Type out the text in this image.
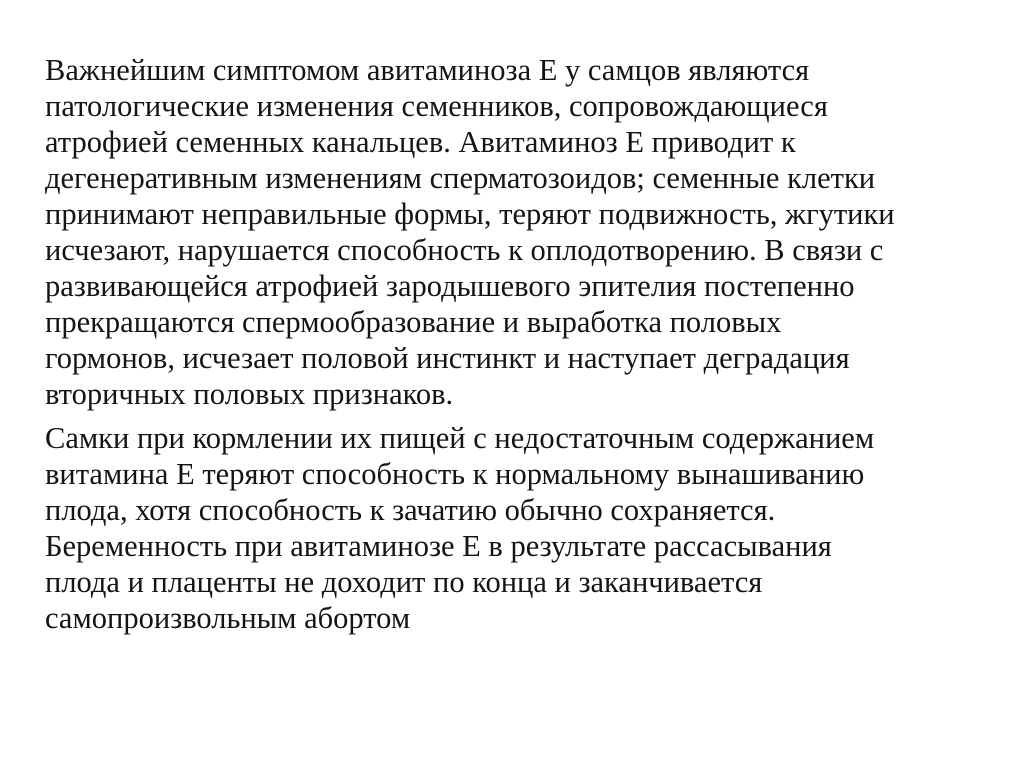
Важнейшим симптомом авитаминоза Е у самцов являются
патологические изменения семенников, сопровождающиеся
атрофией семенных канальцев. Авитаминоз Е приводит к
дегенеративным изменениям сперматозоидов; семенные клетки
принимают неправильные формы, теряют подвижность, жгутики
исчезают, нарушается способность к оплодотворению. В связи с
развивающейся атрофией зародышевого эпителия постепенно
прекращаются спермообразование и выработка половых
гормонов, исчезает половой инстинкт и наступает деградация
вторичных половых признаков.

Самки при кормлении их пищей с недостаточным содержанием
витамина Е теряют способность к нормальному вынашиванию
плода, хотя способность к зачатию обычно сохраняется.
Беременность при авитаминозе Е в результате рассасывания
плода и плаценты не доходит по конца и заканчивается
самопроизвольным абортом
